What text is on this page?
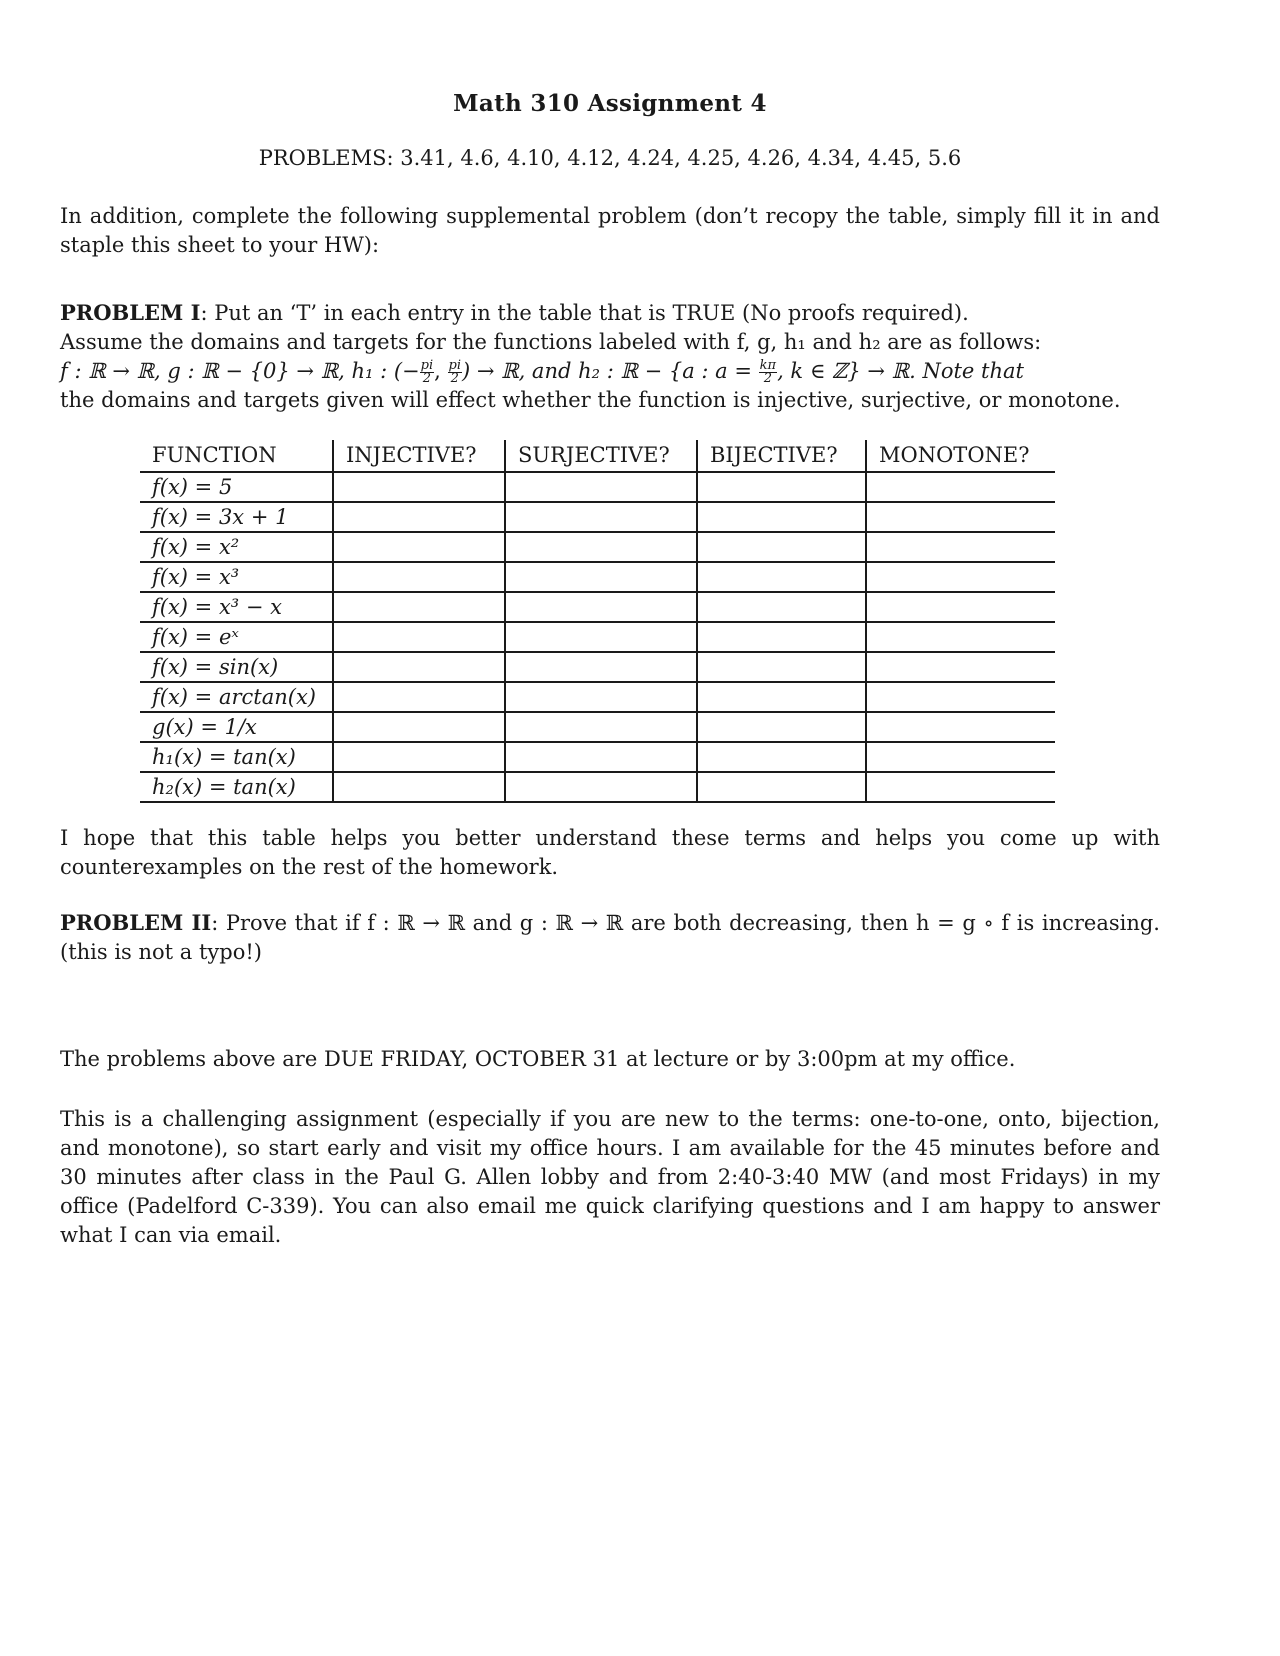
Math 310 Assignment 4
PROBLEMS: 3.41, 4.6, 4.10, 4.12, 4.24, 4.25, 4.26, 4.34, 4.45, 5.6
In addition, complete the following supplemental problem (don’t recopy the table, simply fill it in and staple this sheet to your HW):
PROBLEM I: Put an ‘T’ in each entry in the table that is TRUE (No proofs required).
Assume the domains and targets for the functions labeled with f, g, h₁ and h₂ are as follows:
f : ℝ → ℝ, g : ℝ − {0} → ℝ, h₁ : (− $\frac{pi}{2}$ , $\frac{pi}{2}$ ) → ℝ, and h₂ : ℝ − {a : $a = \frac{k\pi}{2}$ , k ∈ ℤ} → ℝ. Note that
the domains and targets given will effect whether the function is injective, surjective, or monotone.
FUNCTION	INJECTIVE?	SURJECTIVE?	BIJECTIVE?	MONOTONE?
f(x) = 5				
f(x) = 3x + 1				
f(x) = x²				
f(x) = x³				
f(x) = x³ − x				
f(x) = eˣ				
f(x) = sin(x)				
f(x) = arctan(x)				
g(x) = 1/x				
h₁(x) = tan(x)				
h₂(x) = tan(x)				
I hope that this table helps you better understand these terms and helps you come up with counterexamples on the rest of the homework.
PROBLEM II: Prove that if f : ℝ → ℝ and g : ℝ → ℝ are both decreasing, then h = g ∘ f is increasing. (this is not a typo!)
The problems above are DUE FRIDAY, OCTOBER 31 at lecture or by 3:00pm at my office.
This is a challenging assignment (especially if you are new to the terms: one-to-one, onto, bijection, and monotone), so start early and visit my office hours. I am available for the 45 minutes before and 30 minutes after class in the Paul G. Allen lobby and from 2:40-3:40 MW (and most Fridays) in my office (Padelford C-339). You can also email me quick clarifying questions and I am happy to answer what I can via email.
